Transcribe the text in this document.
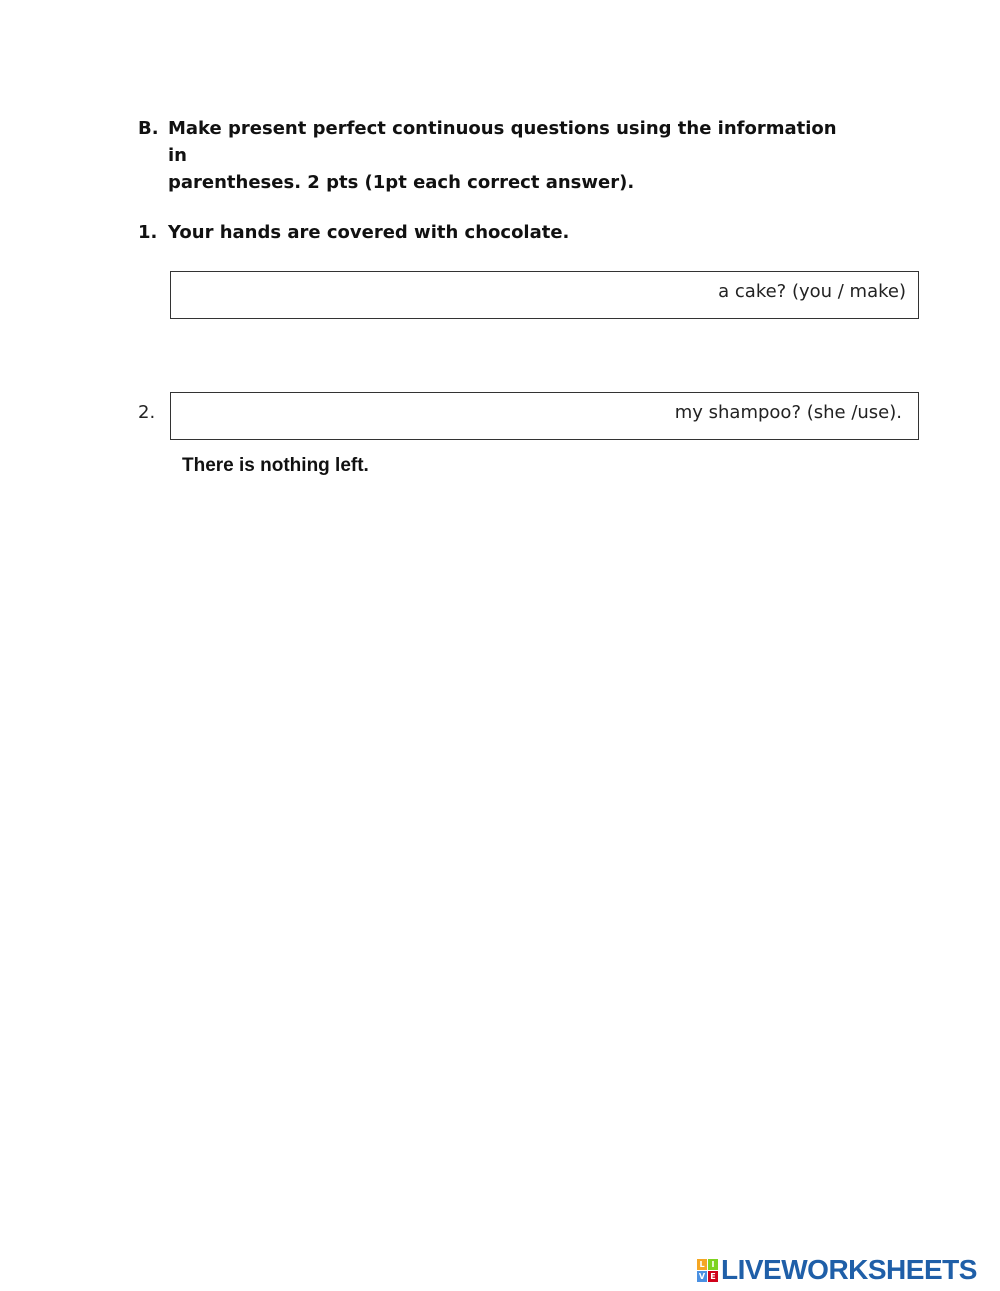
B. Make present perfect continuous questions using the information in
parentheses. 2 pts (1pt each correct answer).
1. Your hands are covered with chocolate.
a cake? (you / make)
2.	my shampoo? (she /use).
There is nothing left.
L I
V E LIVEWORKSHEETS
